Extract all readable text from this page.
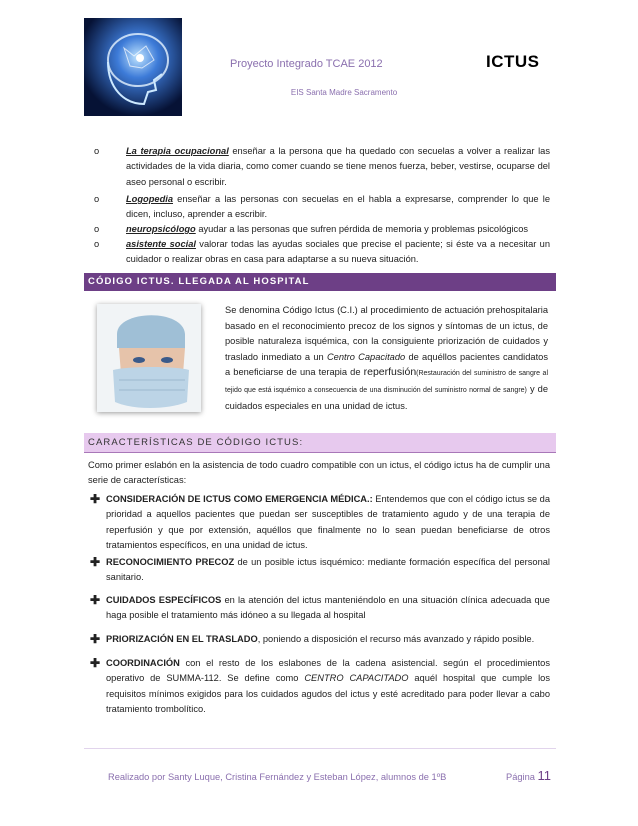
Proyecto Integrado TCAE 2012	ICTUS
EIS Santa Madre Sacramento
o	La terapia ocupacional enseñar a la persona que ha quedado con secuelas a volver a realizar las actividades de la vida diaria, como comer cuando se tiene menos fuerza, beber, vestirse, ocuparse del aseo personal o escribir.
o	Logopedia enseñar a las personas con secuelas en el habla a expresarse, comprender lo que le dicen, incluso, aprender a escribir.
o	neuropsicólogo ayudar a las personas que sufren pérdida de memoria y problemas psicológicos
o	asistente social valorar todas las ayudas sociales que precise el paciente; si éste va a necesitar un cuidador o realizar obras en casa para adaptarse a su nueva situación.
CÓDIGO ICTUS. LLEGADA AL HOSPITAL
Se denomina Código Ictus (C.I.) al procedimiento de actuación prehospitalaria basado en el reconocimiento precoz de los signos y síntomas de un ictus, de posible naturaleza isquémica, con la consiguiente priorización de cuidados y traslado inmediato a un Centro Capacitado de aquéllos pacientes candidatos a beneficiarse de una terapia de reperfusión(Restauración del suministro de sangre al tejido que está isquémico a consecuencia de una disminución del suministro normal de sangre) y de cuidados especiales en una unidad de ictus.
CARACTERÍSTICAS DE CÓDIGO ICTUS:
Como primer eslabón en la asistencia de todo cuadro compatible con un ictus, el código ictus ha de cumplir una serie de características:
✚ CONSIDERACIÓN DE ICTUS COMO EMERGENCIA MÉDICA.: Entendemos que con el código ictus se da prioridad a aquellos pacientes que puedan ser susceptibles de tratamiento agudo y de una terapia de reperfusión y que por extensión, aquéllos que finalmente no lo sean puedan beneficiarse de otros tratamientos específicos, en una unidad de ictus.
✚ RECONOCIMIENTO PRECOZ de un posible ictus isquémico: mediante formación específica del personal sanitario.
✚ CUIDADOS ESPECÍFICOS en la atención del ictus manteniéndolo en una situación clínica adecuada que haga posible el tratamiento más idóneo a su llegada al hospital
✚ PRIORIZACIÓN EN EL TRASLADO, poniendo a disposición el recurso más avanzado y rápido posible.
✚ COORDINACIÓN con el resto de los eslabones de la cadena asistencial. según el procedimientos operativo de SUMMA-112. Se define como CENTRO CAPACITADO aquél hospital que cumple los requisitos mínimos exigidos para los cuidados agudos del ictus y esté acreditado para poder llevar a cabo tratamiento trombolítico.
Realizado por Santy Luque, Cristina Fernández y Esteban López, alumnos de 1ºB	Página 11
